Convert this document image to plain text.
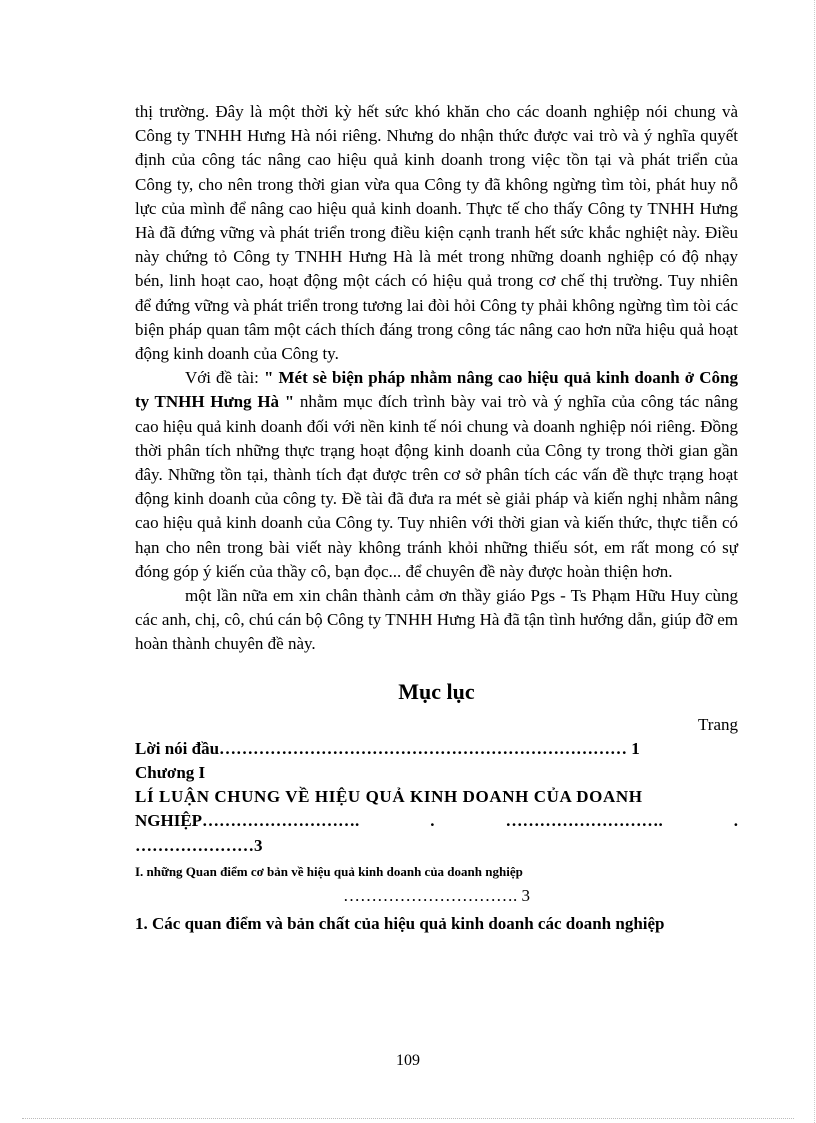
thị trường. Đây là một thời kỳ hết sức khó khăn cho các doanh nghiệp nói chung và Công ty TNHH Hưng Hà nói riêng. Nhưng do nhận thức được vai trò và ý nghĩa quyết định của công tác nâng cao hiệu quả kinh doanh trong việc tồn tại và phát triển của Công ty, cho nên trong thời gian vừa qua Công ty đã không ngừng tìm tòi, phát huy nỗ lực của mình để nâng cao hiệu quả kinh doanh. Thực tế cho thấy Công ty TNHH Hưng Hà đã đứng vững và phát triển trong điều kiện cạnh tranh hết sức khắc nghiệt này. Điều này chứng tỏ Công ty TNHH Hưng Hà là mét trong những doanh nghiệp có độ nhạy bén, linh hoạt cao, hoạt động một cách có hiệu quả trong cơ chế thị trường. Tuy nhiên để đứng vững và phát triển trong tương lai đòi hỏi Công ty phải không ngừng tìm tòi các biện pháp quan tâm một cách thích đáng trong công tác nâng cao hơn nữa hiệu quả hoạt động kinh doanh của Công ty.

Với đề tài: " Mét sè biện pháp nhằm nâng cao hiệu quả kinh doanh ở Công ty TNHH Hưng Hà " nhằm mục đích trình bày vai trò và ý nghĩa của công tác nâng cao hiệu quả kinh doanh đối với nền kinh tế nói chung và doanh nghiệp nói riêng. Đồng thời phân tích những thực trạng hoạt động kinh doanh của Công ty trong thời gian gần đây. Những tồn tại, thành tích đạt được trên cơ sở phân tích các vấn đề thực trạng hoạt động kinh doanh của công ty. Đề tài đã đưa ra mét sè giải pháp và kiến nghị nhằm nâng cao hiệu quả kinh doanh của Công ty. Tuy nhiên với thời gian và kiến thức, thực tiễn có hạn cho nên trong bài viết này không tránh khỏi những thiếu sót, em rất mong có sự đóng góp ý kiến của thầy cô, bạn đọc... để chuyên đề này được hoàn thiện hơn.

một lần nữa em xin chân thành cảm ơn thầy giáo Pgs - Ts Phạm Hữu Huy cùng các anh, chị, cô, chú cán bộ Công ty TNHH Hưng Hà đã tận tình hướng dẫn, giúp đỡ em hoàn thành chuyên đề này.

Mục lục

Trang

Lời nói đầu……………………………………………………………… 1

Chương I

LÍ LUẬN CHUNG VỀ HIỆU QUẢ KINH DOANH CỦA DOANH

NGHIỆP……………………….	.	……………………….	.

…………………3

I. những Quan điểm cơ bản về hiệu quả kinh doanh của doanh nghiệp

…………………………. 3

1. Các quan điểm và bản chất của hiệu quả kinh doanh các doanh nghiệp

109
